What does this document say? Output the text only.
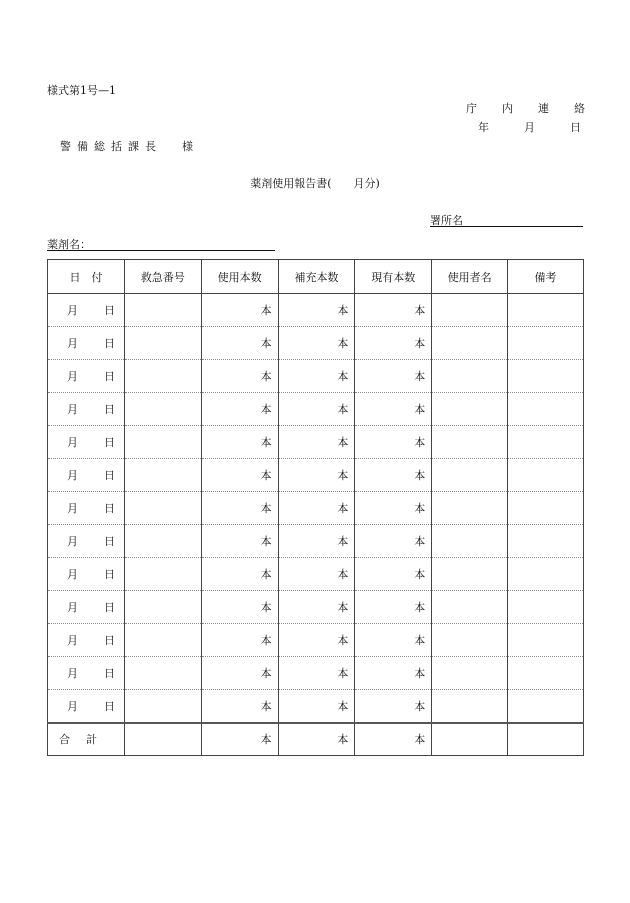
様式第1号—1
庁 内 連 絡
年	月	日
警 備 総 括 課 長 様
薬剤使用報告書(　　月分)
署所名
薬剤名：
日　付	救急番号	使用本数	補充本数	現有本数	使用者名	備考
月 日		本	本	本		
月 日		本	本	本		
月 日		本	本	本		
月 日		本	本	本		
月 日		本	本	本		
月 日		本	本	本		
月 日		本	本	本		
月 日		本	本	本		
月 日		本	本	本		
月 日		本	本	本		
月 日		本	本	本		
月 日		本	本	本		
月 日		本	本	本		
合計		本	本	本		
